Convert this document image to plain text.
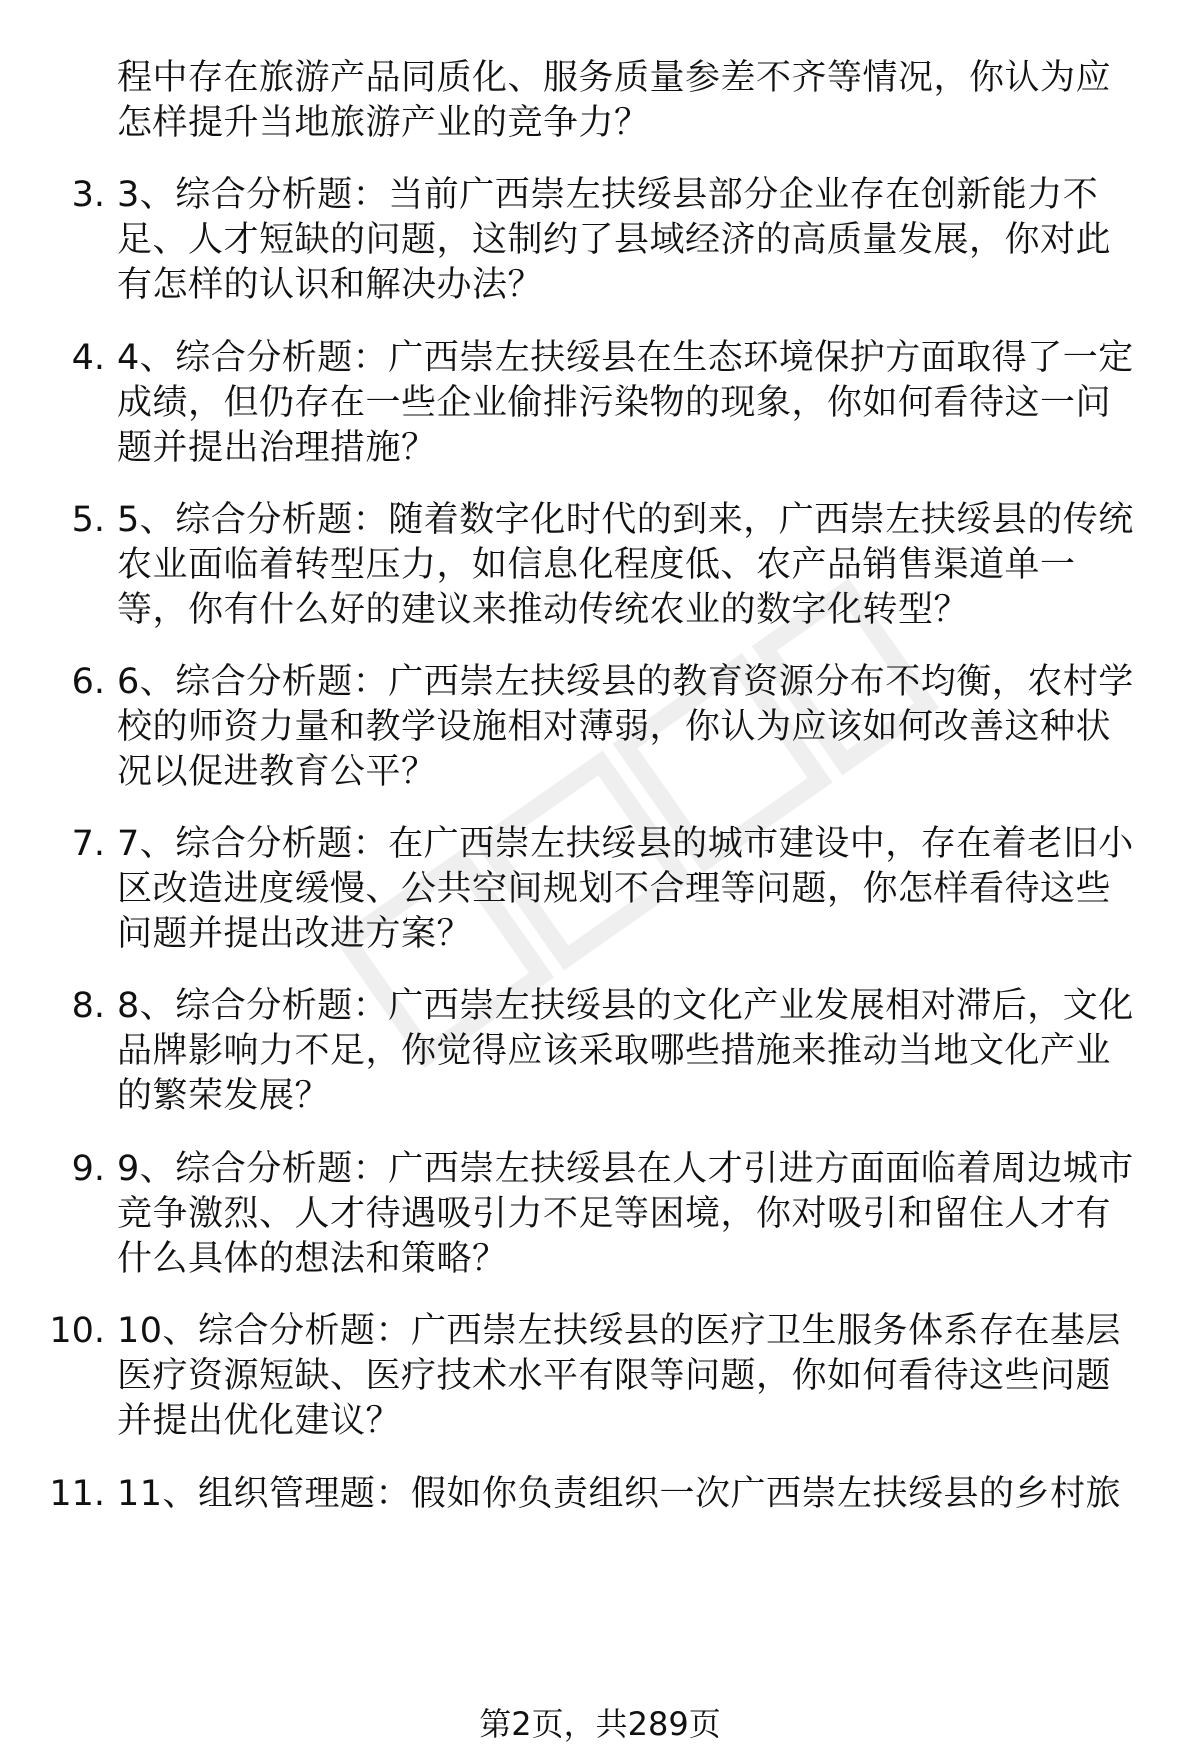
程中存在旅游产品同质化、服务质量参差不齐等情况，你认为应
怎样提升当地旅游产业的竞争力？
3. 3、综合分析题：当前广西崇左扶绥县部分企业存在创新能力不
足、人才短缺的问题，这制约了县域经济的高质量发展，你对此
有怎样的认识和解决办法？
4. 4、综合分析题：广西崇左扶绥县在生态环境保护方面取得了一定
成绩，但仍存在一些企业偷排污染物的现象，你如何看待这一问
题并提出治理措施？
5. 5、综合分析题：随着数字化时代的到来，广西崇左扶绥县的传统
农业面临着转型压力，如信息化程度低、农产品销售渠道单一
等，你有什么好的建议来推动传统农业的数字化转型？
6. 6、综合分析题：广西崇左扶绥县的教育资源分布不均衡，农村学
校的师资力量和教学设施相对薄弱，你认为应该如何改善这种状
况以促进教育公平？
7. 7、综合分析题：在广西崇左扶绥县的城市建设中，存在着老旧小
区改造进度缓慢、公共空间规划不合理等问题，你怎样看待这些
问题并提出改进方案？
8. 8、综合分析题：广西崇左扶绥县的文化产业发展相对滞后，文化
品牌影响力不足，你觉得应该采取哪些措施来推动当地文化产业
的繁荣发展？
9. 9、综合分析题：广西崇左扶绥县在人才引进方面面临着周边城市
竞争激烈、人才待遇吸引力不足等困境，你对吸引和留住人才有
什么具体的想法和策略？
10. 10、综合分析题：广西崇左扶绥县的医疗卫生服务体系存在基层
医疗资源短缺、医疗技术水平有限等问题，你如何看待这些问题
并提出优化建议？
11. 11、组织管理题：假如你负责组织一次广西崇左扶绥县的乡村旅
第2页，共289页
